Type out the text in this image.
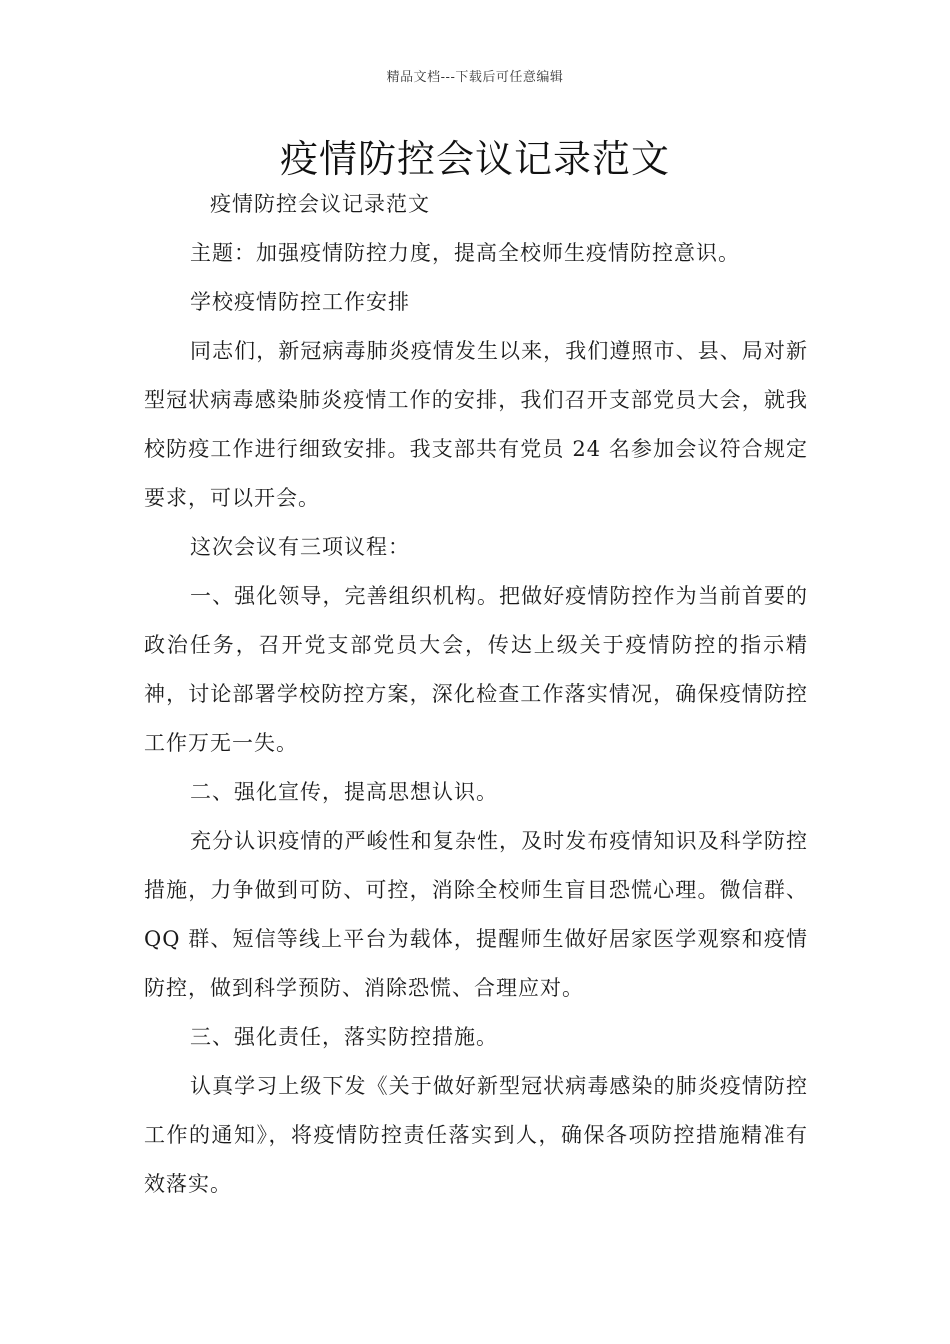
精品文档---下载后可任意编辑
疫情防控会议记录范文

疫情防控会议记录范文

主题：加强疫情防控力度，提高全校师生疫情防控意识。

学校疫情防控工作安排

同志们，新冠病毒肺炎疫情发生以来，我们遵照市、县、局对新型冠状病毒感染肺炎疫情工作的安排，我们召开支部党员大会，就我校防疫工作进行细致安排。我支部共有党员 24 名参加会议符合规定要求，可以开会。

这次会议有三项议程：

一、强化领导，完善组织机构。把做好疫情防控作为当前首要的政治任务，召开党支部党员大会，传达上级关于疫情防控的指示精神，讨论部署学校防控方案，深化检查工作落实情况，确保疫情防控工作万无一失。

二、强化宣传，提高思想认识。

充分认识疫情的严峻性和复杂性，及时发布疫情知识及科学防控措施，力争做到可防、可控，消除全校师生盲目恐慌心理。微信群、QQ 群、短信等线上平台为载体，提醒师生做好居家医学观察和疫情防控，做到科学预防、消除恐慌、合理应对。

三、强化责任，落实防控措施。

认真学习上级下发《关于做好新型冠状病毒感染的肺炎疫情防控工作的通知》，将疫情防控责任落实到人，确保各项防控措施精准有效落实。
